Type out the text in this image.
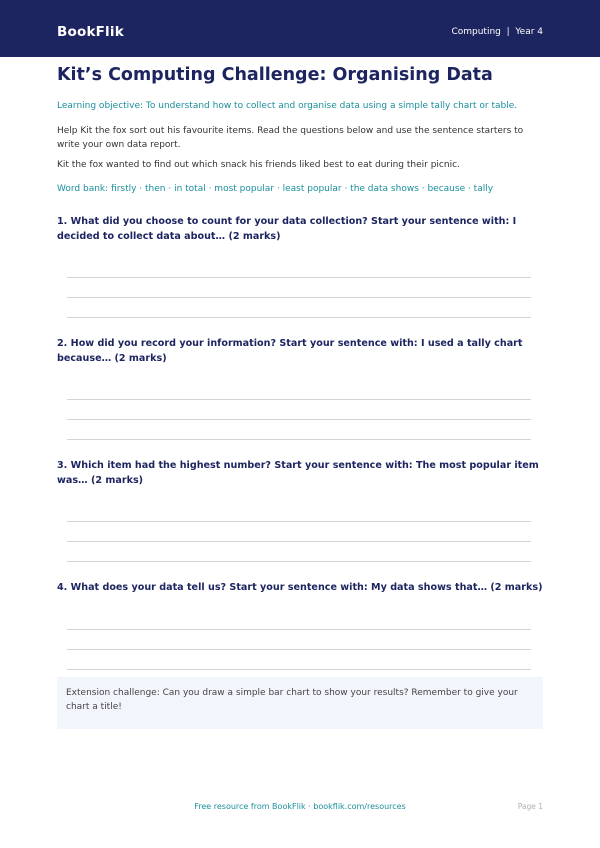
BookFlik	Computing  |  Year 4
Kit’s Computing Challenge: Organising Data
Learning objective: To understand how to collect and organise data using a simple tally chart or table.
Help Kit the fox sort out his favourite items. Read the questions below and use the sentence starters to write your own data report.
Kit the fox wanted to find out which snack his friends liked best to eat during their picnic.
Word bank: firstly · then · in total · most popular · least popular · the data shows · because · tally
1. What did you choose to count for your data collection? Start your sentence with: I decided to collect data about… (2 marks)
2. How did you record your information? Start your sentence with: I used a tally chart because… (2 marks)
3. Which item had the highest number? Start your sentence with: The most popular item was… (2 marks)
4. What does your data tell us? Start your sentence with: My data shows that… (2 marks)
Extension challenge: Can you draw a simple bar chart to show your results? Remember to give your chart a title!
Free resource from BookFlik · bookflik.com/resources	Page 1
